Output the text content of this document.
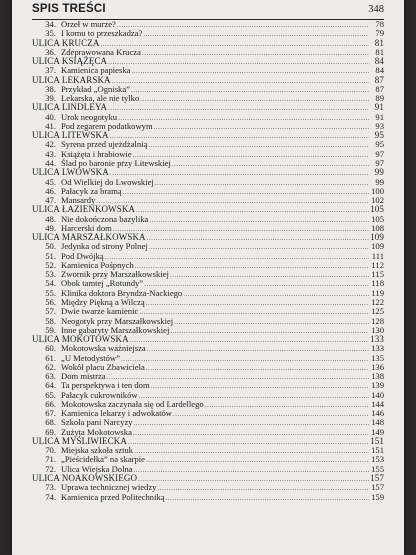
SPIS TREŚCI	348
34. Orzeł w murze? .....	78
35. I komu to przeszkadza? .....	79
ULICA KRUCZA .....	81
36. Zdeprawowana Krucza .....	81
ULICA KSIĄŻĘCA .....	84
37. Kamienica papieska .....	84
ULICA LEKARSKA .....	87
38. Przykład „Ogniska” .....	87
39. Lekarska, ale nie tylko .....	89
ULICA LINDLEYA .....	91
40. Urok neogotyku .....	91
41. Pod zegarem podatkowym .....	93
ULICA LITEWSKA .....	95
42. Syrena przed ujeżdżalnią .....	95
43. Książęta i hrabiowie .....	97
44. Ślad po baronie przy Litewskiej .....	97
ULICA LWOWSKA .....	99
45. Od Wielkiej do Lwowskiej .....	99
46. Pałacyk za bramą .....	100
47. Mansardy .....	102
ULICA ŁAZIENKOWSKA .....	105
48. Nie dokończona bazylika .....	105
49. Harcerski dom .....	108
ULICA MARSZAŁKOWSKA .....	109
50. Jedynka od strony Polnej .....	109
51. Pod Dwójką .....	111
52. Kamienica Pośpnych .....	112
53. Zwornik przy Marszałkowskiej .....	115
54. Obok tamtej „Rotundy” .....	118
55. Klinika doktora Bryndza-Nackiego .....	119
56. Między Piękną a Wilczą .....	122
57. Dwie twarze kamienic .....	125
58. Neogotyk przy Marszałkowskiej .....	128
59. Inne gabaryty Marszałkowskiej .....	130
ULICA MOKOTOWSKA .....	133
60. Mokotowska ważniejsza .....	133
61. „U Metodystów” .....	135
62. Wokół placu Zbawiciela .....	136
63. Dom mistrza .....	138
64. Ta perspektywa i ten dom .....	139
65. Pałacyk cukrowników .....	140
66. Mokotowska zaczynała się od Lardellego .....	144
67. Kamienica lekarzy i adwokatów .....	146
68. Szkoła pani Narcyzy .....	148
69. Zużyta Mokotowska .....	149
ULICA MYŚLIWIECKA .....	151
70. Miejska szkoła sztuk .....	151
71. „Pieścidełka” na skarpie .....	153
72. Ulica Wiejska Dolna .....	155
ULICA NOAKOWSKIEGO .....	157
73. Uprawa technicznej wiedzy .....	157
74. Kamienica przed Politechniką .....	159
